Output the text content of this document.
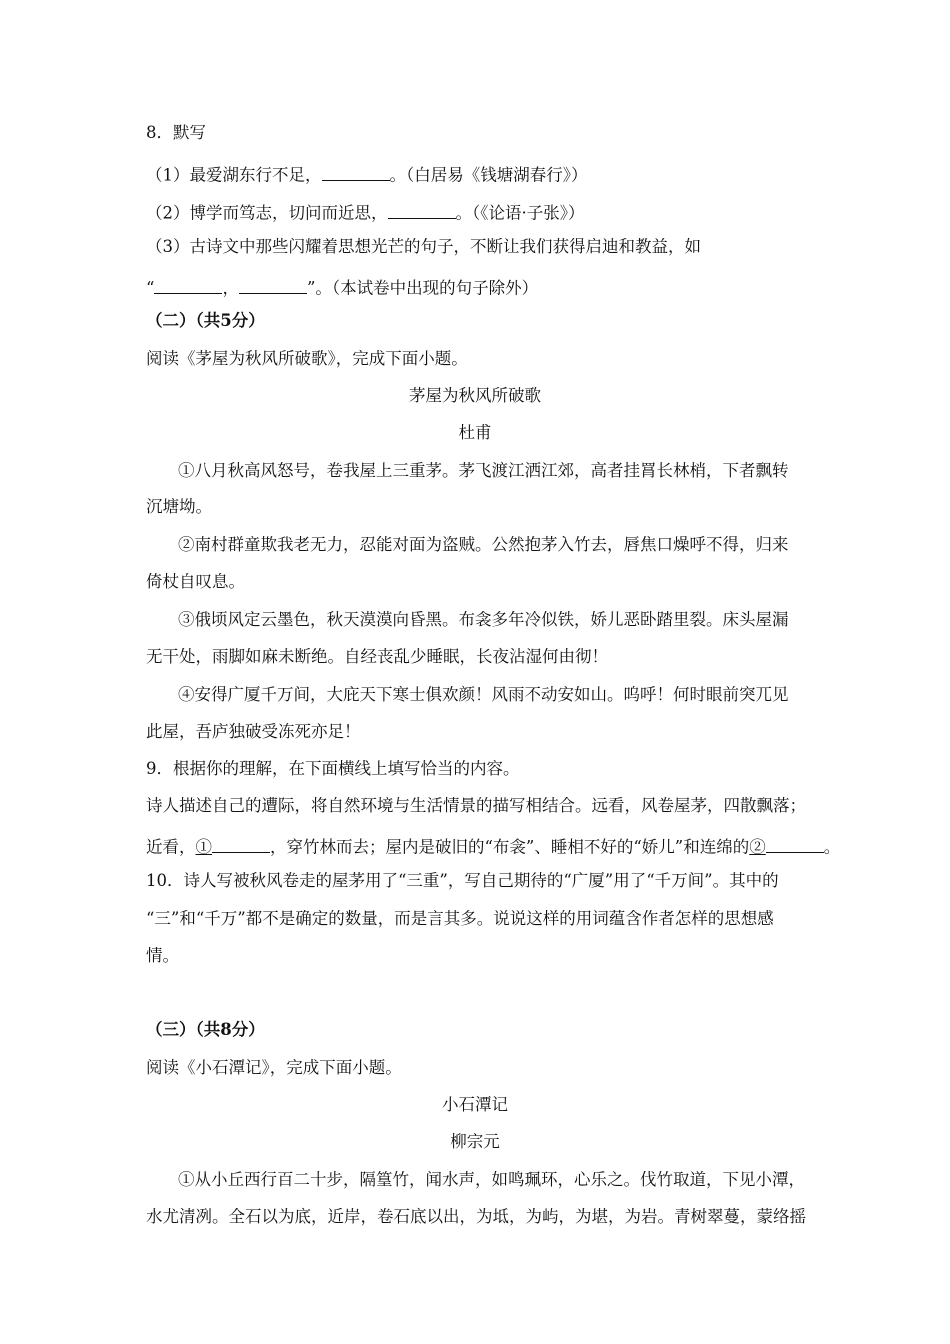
8．默写
（1）最爱湖东行不足，	。（白居易《钱塘湖春行》）
（2）博学而笃志，切问而近思，	。（《论语·子张》）
（3）古诗文中那些闪耀着思想光芒的句子，不断让我们获得启迪和教益，如
“	，	”。（本试卷中出现的句子除外）
（二）（共5分）
阅读《茅屋为秋风所破歌》，完成下面小题。
茅屋为秋风所破歌
杜甫
①八月秋高风怒号，卷我屋上三重茅。茅飞渡江洒江郊，高者挂罥长林梢，下者飘转
沉塘坳。
②南村群童欺我老无力，忍能对面为盗贼。公然抱茅入竹去，唇焦口燥呼不得，归来
倚杖自叹息。
③俄顷风定云墨色，秋天漠漠向昏黑。布衾多年冷似铁，娇儿恶卧踏里裂。床头屋漏
无干处，雨脚如麻未断绝。自经丧乱少睡眠，长夜沾湿何由彻！
④安得广厦千万间，大庇天下寒士俱欢颜！风雨不动安如山。呜呼！何时眼前突兀见
此屋，吾庐独破受冻死亦足！
9．根据你的理解，在下面横线上填写恰当的内容。
诗人描述自己的遭际，将自然环境与生活情景的描写相结合。远看，风卷屋茅，四散飘落；
近看，①	，穿竹林而去；屋内是破旧的“布衾”、睡相不好的“娇儿”和连绵的②	。
10．诗人写被秋风卷走的屋茅用了“三重”，写自己期待的“广厦”用了“千万间”。其中的
“三”和“千万”都不是确定的数量，而是言其多。说说这样的用词蕴含作者怎样的思想感
情。
（三）（共8分）
阅读《小石潭记》，完成下面小题。
小石潭记
柳宗元
①从小丘西行百二十步，隔篁竹，闻水声，如鸣珮环，心乐之。伐竹取道，下见小潭，
水尤清冽。全石以为底，近岸，卷石底以出，为坻，为屿，为堪，为岩。青树翠蔓，蒙络摇
